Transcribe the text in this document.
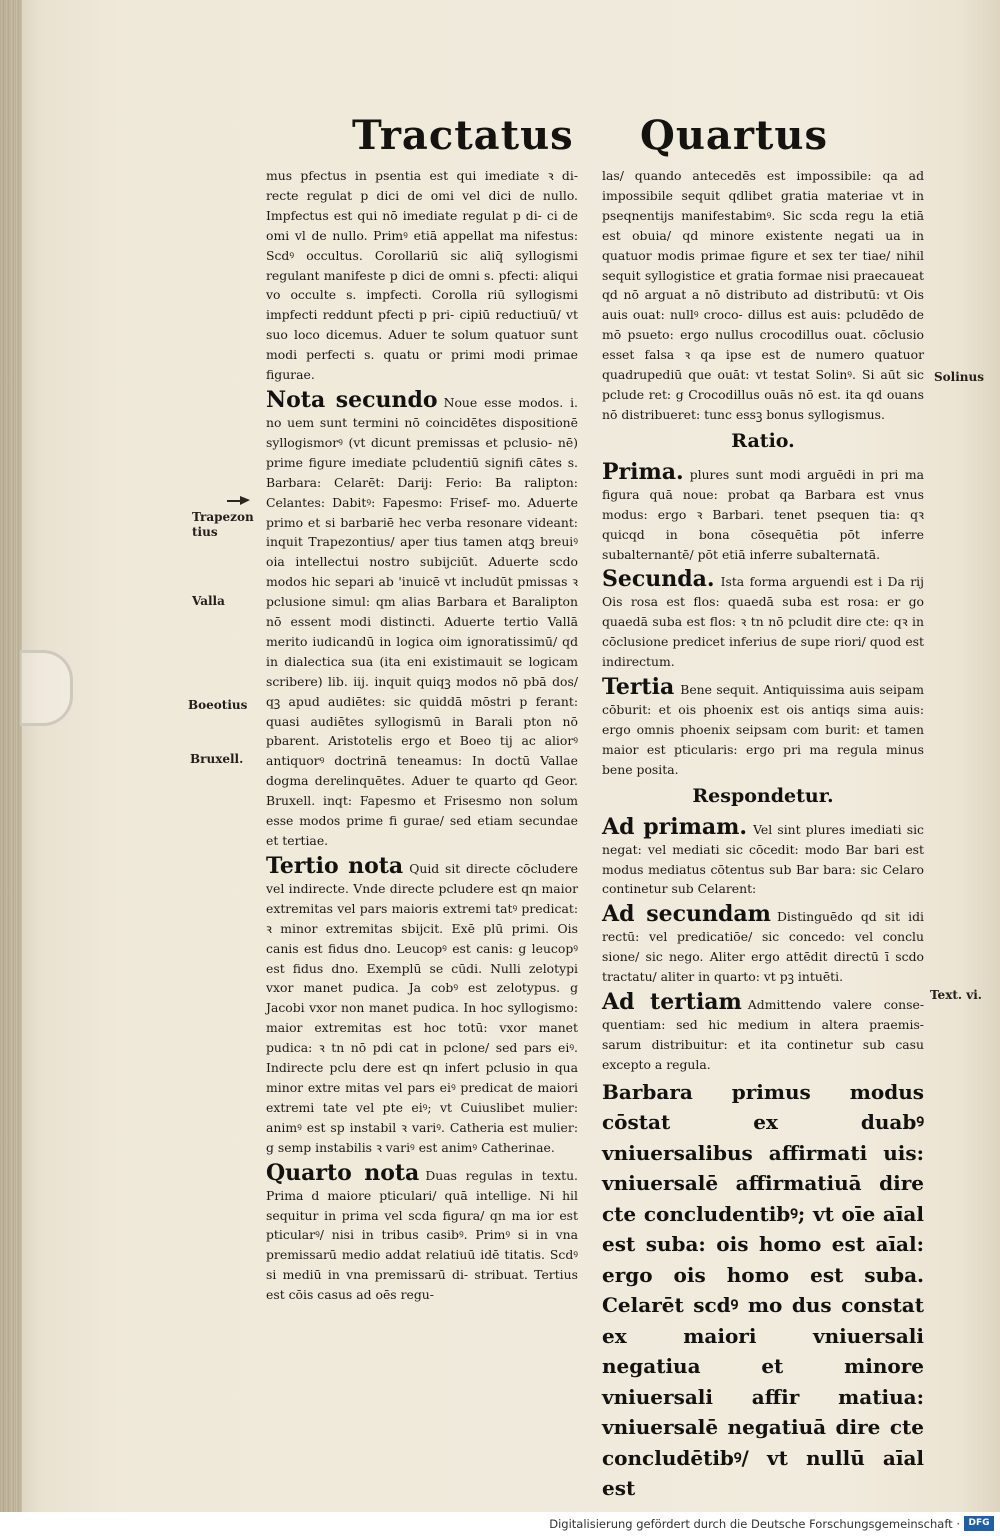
Tractatus Quartus

mus pfectus in psentia est qui imediate ꝛ di- recte regulat p dici de omi vel dici de nullo. Impfectus est qui nō imediate regulat p di- ci de omi vl de nullo. Primꝰ etiā appellat ma nifestus: Scdꝰ occultus. Corollariū sic aliq̄ syllogismi regulant manifeste p dici de omni s. pfecti: aliqui vo occulte s. impfecti. Corolla riū syllogismi impfecti reddunt pfecti p pri- cipiū reductiuū/ vt suo loco dicemus. Aduer te solum quatuor sunt modi perfecti s. quatu or primi modi primae figurae.

Nota secundo Noue esse modos. i. no uem sunt termini nō coincidētes dispositionē syllogismorꝰ (vt dicunt premissas et pclusio- nē) prime figure imediate pcludentiū signifi cātes s. Barbara: Celarēt: Darij: Ferio: Ba ralipton: Celantes: Dabitꝰ: Fapesmo: Frisef- mo. Aduerte primo et si barbariē hec verba resonare videant: inquit Trapezontius/ aper tius tamen atqꝫ breuiꝰ oia intellectui nostro subijciūt. Aduerte scdo modos hic separi ab 'inuicē vt includūt pmissas ꝛ pclusione simul: qm alias Barbara et Baralipton nō essent modi distincti. Aduerte tertio Vallā merito iudicandū in logica oim ignoratissimū/ qd in dialectica sua (ita eni existimauit se logicam scribere) lib. iij. inquit quiqꝫ modos nō pbā dos/ qꝫ apud audiētes: sic quiddā mōstri p ferant: quasi audiētes syllogismū in Barali pton nō pbarent. Aristotelis ergo et Boeo tij ac aliorꝰ antiquorꝰ doctrinā teneamus: In doctū Vallae dogma derelinquētes. Aduer te quarto qd Geor. Bruxell. inqt: Fapesmo et Frisesmo non solum esse modos prime fi gurae/ sed etiam secundae et tertiae.

Tertio nota Quid sit directe cōcludere vel indirecte. Vnde directe pcludere est qn maior extremitas vel pars maioris extremi tatꝰ predicat: ꝛ minor extremitas sbijcit. Exē plū primi. Ois canis est fidus dno. Leucopꝰ est canis: g leucopꝰ est fidus dno. Exemplū se cūdi. Nulli zelotypi vxor manet pudica. Ja cobꝰ est zelotypus. g Jacobi vxor non manet pudica. In hoc syllogismo: maior extremitas est hoc totū: vxor manet pudica: ꝛ tn nō pdi cat in pclone/ sed pars eiꝰ. Indirecte pclu dere est qn infert pclusio in qua minor extre mitas vel pars eiꝰ predicat de maiori extremi tate vel pte eiꝰ; vt Cuiuslibet mulier: animꝰ est sp instabil ꝛ variꝰ. Catheria est mulier: g semp instabilis ꝛ variꝰ est animꝰ Catherinae.

Quarto nota Duas regulas in textu. Prima d maiore pticulari/ quā intellige. Ni hil sequitur in prima vel scda figura/ qn ma ior est pticularꝰ/ nisi in tribus casibꝰ. Primꝰ si in vna premissarū medio addat relatiuū idē titatis. Scdꝰ si mediū in vna premissarū di- stribuat. Tertius est cōis casus ad oēs regu-

las/ quando antecedēs est impossibile: qa ad impossibile sequit qdlibet gratia materiae vt in pseqnentijs manifestabimꝰ. Sic scda regu la etiā est obuia/ qd minore existente negati ua in quatuor modis primae figure et sex ter tiae/ nihil sequit syllogistice et gratia formae nisi praecaueat qd nō arguat a nō distributo ad distributū: vt Ois auis ouat: nullꝰ croco- dillus est auis: pcludēdo de mō psueto: ergo nullus crocodillus ouat. cōclusio esset falsa ꝛ qa ipse est de numero quatuor quadrupediū que ouāt: vt testat Solinꝰ. Si aūt sic pclude ret: g Crocodillus ouās nō est. ita qd ouans nō distribueret: tunc essꝫ bonus syllogismus.

Ratio.

Prima. plures sunt modi arguēdi in pri ma figura quā noue: probat qa Barbara est vnus modus: ergo ꝛ Barbari. tenet psequen tia: qꝛ quicqd in bona cōsequētia pōt inferre subalternantē/ pōt etiā inferre subalternatā.

Secunda. Ista forma arguendi est i Da rij Ois rosa est flos: quaedā suba est rosa: er go quaedā suba est flos: ꝛ tn nō pcludit dire cte: qꝛ in cōclusione predicet inferius de supe riori/ quod est indirectum.

Tertia Bene sequit. Antiquissima auis seipam cōburit: et ois phoenix est ois antiqs sima auis: ergo omnis phoenix seipsam com burit: et tamen maior est pticularis: ergo pri ma regula minus bene posita.

Respondetur.

Ad primam. Vel sint plures imediati sic negat: vel mediati sic cōcedit: modo Bar bari est modus mediatus cōtentus sub Bar bara: sic Celaro continetur sub Celarent:

Ad secundam Distinguēdo qd sit idi rectū: vel predicatiōe/ sic concedo: vel conclu sione/ sic nego. Aliter ergo attēdit directū ī scdo tractatu/ aliter in quarto: vt pꝫ intuēti.

Ad tertiam Admittendo valere conse- quentiam: sed hic medium in altera praemis- sarum distribuitur: et ita continetur sub casu excepto a regula.

Barbara primus modus cōstat ex duabꝰ vniuersalibus affirmati uis: vniuersalē affirmatiuā dire cte concludentibꝰ; vt oīe aīal est suba: ois homo est aīal: ergo ois homo est suba. Celarēt scdꝰ mo dus constat ex maiori vniuersali negatiua et minore vniuersali affir matiua: vniuersalē negatiuā dire cte concludētibꝰ/ vt nullū aīal est

Trapezon tius
Valla
Boeotius
Bruxell.
Solinus
Text. vi.
Digitalisierung gefördert durch die Deutsche Forschungsgemeinschaft · DFG
